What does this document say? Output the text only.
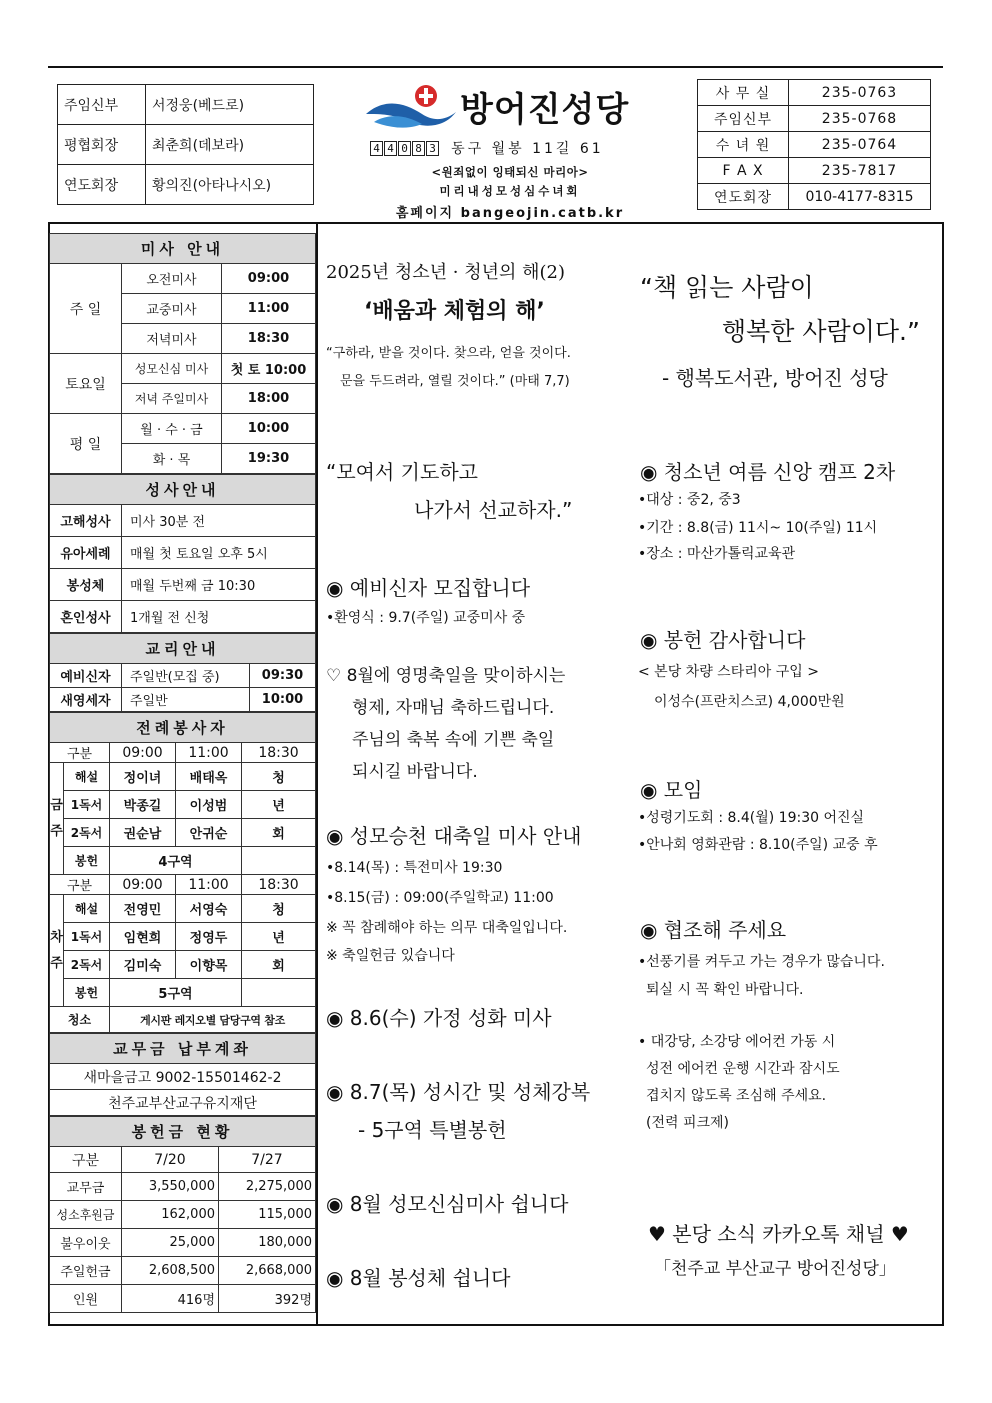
주임신부	서정웅(베드로)
평협회장	최춘희(데보라)
연도회장	황의진(아타나시오)
방어진성당
4 4 0 8 3 동구 월봉 11길 61
<원죄없이 잉태되신 마리아>
미리내성모성심수녀회
홈페이지 bangeojin.catb.kr
사 무 실	235-0763
주임신부	235-0768
수 녀 원	235-0764
F A X	235-7817
연도회장	010-4177-8315
미사 안내		
주 일	오전미사	09:00
	교중미사	11:00
	저녁미사	18:30
토요일	성모신심 미사	첫 토 10:00
	저녁 주일미사	18:00
평 일	월 · 수 · 금	10:00
	화 · 목	19:30
성사안내	
고해성사	미사 30분 전
유아세례	매월 첫 토요일 오후 5시
봉성체	매월 두번째 금 10:30
혼인성사	1개월 전 신청
교리안내		
예비신자	주일반(모집 중)	09:30
새영세자	주일반	10:00
전례봉사자				
구분		09:00	11:00	18:30
금주	해설	정이녀	배태옥	청
	1독서	박종길	이성범	년
	2독서	권순남	안귀순	회
	봉헌	4구역		
구분		09:00	11:00	18:30
차주	해설	전영민	서영숙	청
	1독서	임현희	정영두	년
	2독서	김미숙	이향목	회
	봉헌	5구역		
청소		게시판 레지오별 담당구역 참조		
교무금 납부계좌
새마을금고 9002-15501462-2
천주교부산교구유지재단
봉헌금 현황		
구분	7/20	7/27
교무금	3,550,000	2,275,000
성소후원금	162,000	115,000
불우이웃	25,000	180,000
주일헌금	2,608,500	2,668,000
인원	416명	392명
2025년 청소년 · 청년의 해(2)
‘배움과 체험의 해’
“구하라, 받을 것이다. 찾으라, 얻을 것이다.
문을 두드려라, 열릴 것이다.” (마태 7,7)
“모여서 기도하고
나가서 선교하자.”
◉ 예비신자 모집합니다
•환영식 : 9.7(주일) 교중미사 중
♡ 8월에 영명축일을 맞이하시는
형제, 자매님 축하드립니다.
주님의 축복 속에 기쁜 축일
되시길 바랍니다.
◉ 성모승천 대축일 미사 안내
•8.14(목) : 특전미사 19:30
•8.15(금) : 09:00(주일학교) 11:00
※ 꼭 참례해야 하는 의무 대축일입니다.
※ 축일헌금 있습니다
◉ 8.6(수) 가정 성화 미사
◉ 8.7(목) 성시간 및 성체강복
- 5구역 특별봉헌
◉ 8월 성모신심미사 쉽니다
◉ 8월 봉성체 쉽니다
“책 읽는 사람이
행복한 사람이다.”
- 행복도서관, 방어진 성당
◉ 청소년 여름 신앙 캠프 2차
•대상 : 중2, 중3
•기간 : 8.8(금) 11시~ 10(주일) 11시
•장소 : 마산가톨릭교육관
◉ 봉헌 감사합니다
< 본당 차량 스타리아 구입 >
이성수(프란치스코) 4,000만원
◉ 모임
•성령기도회 : 8.4(월) 19:30 어진실
•안나회 영화관람 : 8.10(주일) 교중 후
◉ 협조해 주세요
•선풍기를 켜두고 가는 경우가 많습니다.
퇴실 시 꼭 확인 바랍니다.
• 대강당, 소강당 에어컨 가동 시
성전 에어컨 운행 시간과 잠시도
겹치지 않도록 조심해 주세요.
(전력 피크제)
♥ 본당 소식 카카오톡 채널 ♥
「천주교 부산교구 방어진성당」
